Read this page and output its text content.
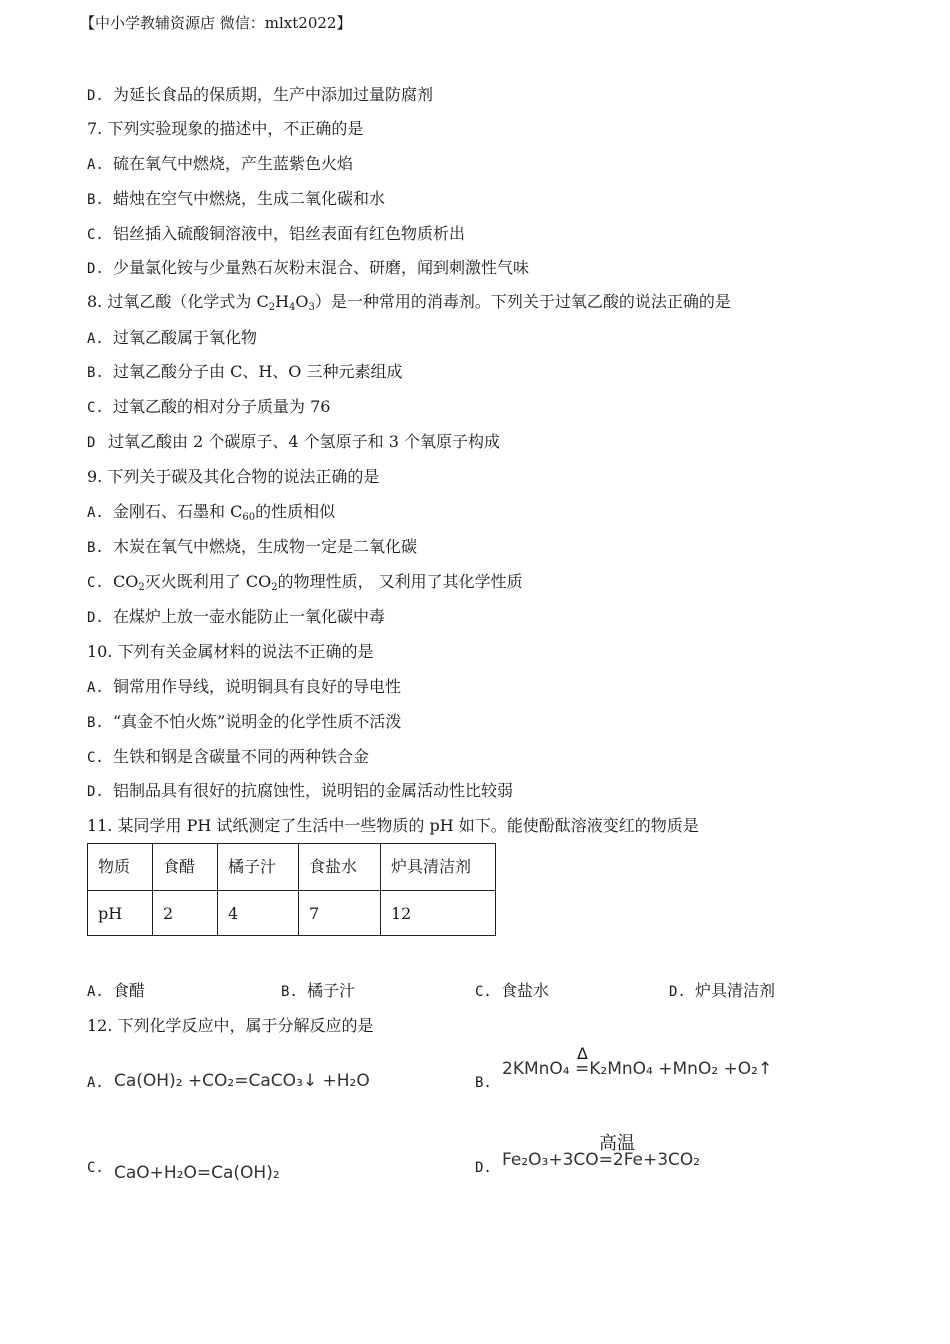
【中小学教辅资源店 微信：mlxt2022】
D. 为延长食品的保质期，生产中添加过量防腐剂
7. 下列实验现象的描述中，不正确的是
A. 硫在氧气中燃烧，产生蓝紫色火焰
B. 蜡烛在空气中燃烧，生成二氧化碳和水
C. 铝丝插入硫酸铜溶液中，铝丝表面有红色物质析出
D. 少量氯化铵与少量熟石灰粉末混合、研磨，闻到刺激性气味
8. 过氧乙酸（化学式为 $C_2H_4O_3$）是一种常用的消毒剂。下列关于过氧乙酸的说法正确的是
A. 过氧乙酸属于氧化物
B. 过氧乙酸分子由 C、H、O 三种元素组成
C. 过氧乙酸的相对分子质量为 76
D 过氧乙酸由 2 个碳原子、4 个氢原子和 3 个氧原子构成
9. 下列关于碳及其化合物的说法正确的是
A. 金刚石、石墨和 $C_{60}$的性质相似
B. 木炭在氧气中燃烧，生成物一定是二氧化碳
C. $CO_2$灭火既利用了 $CO_2$的物理性质， 又利用了其化学性质
D. 在煤炉上放一壶水能防止一氧化碳中毒
10. 下列有关金属材料的说法不正确的是
A. 铜常用作导线，说明铜具有良好的导电性
B. “真金不怕火炼”说明金的化学性质不活泼
C. 生铁和钢是含碳量不同的两种铁合金
D. 铝制品具有很好的抗腐蚀性，说明铝的金属活动性比较弱
11. 某同学用 PH 试纸测定了生活中一些物质的 pH 如下。能使酚酞溶液变红的物质是
物质	食醋	橘子汁	食盐水	炉具清洁剂
pH	2	4	7	12
A. 食醋	B. 橘子汁	C. 食盐水	D. 炉具清洁剂
12. 下列化学反应中，属于分解反应的是
A. Ca(OH)₂ +CO₂=CaCO₃↓ +H₂O	B.
Δ
2KMnO₄ =K₂MnO₄ +MnO₂ +O₂↑
C. CaO+H₂O=Ca(OH)₂	D.
高温
Fe₂O₃+3CO=2Fe+3CO₂
